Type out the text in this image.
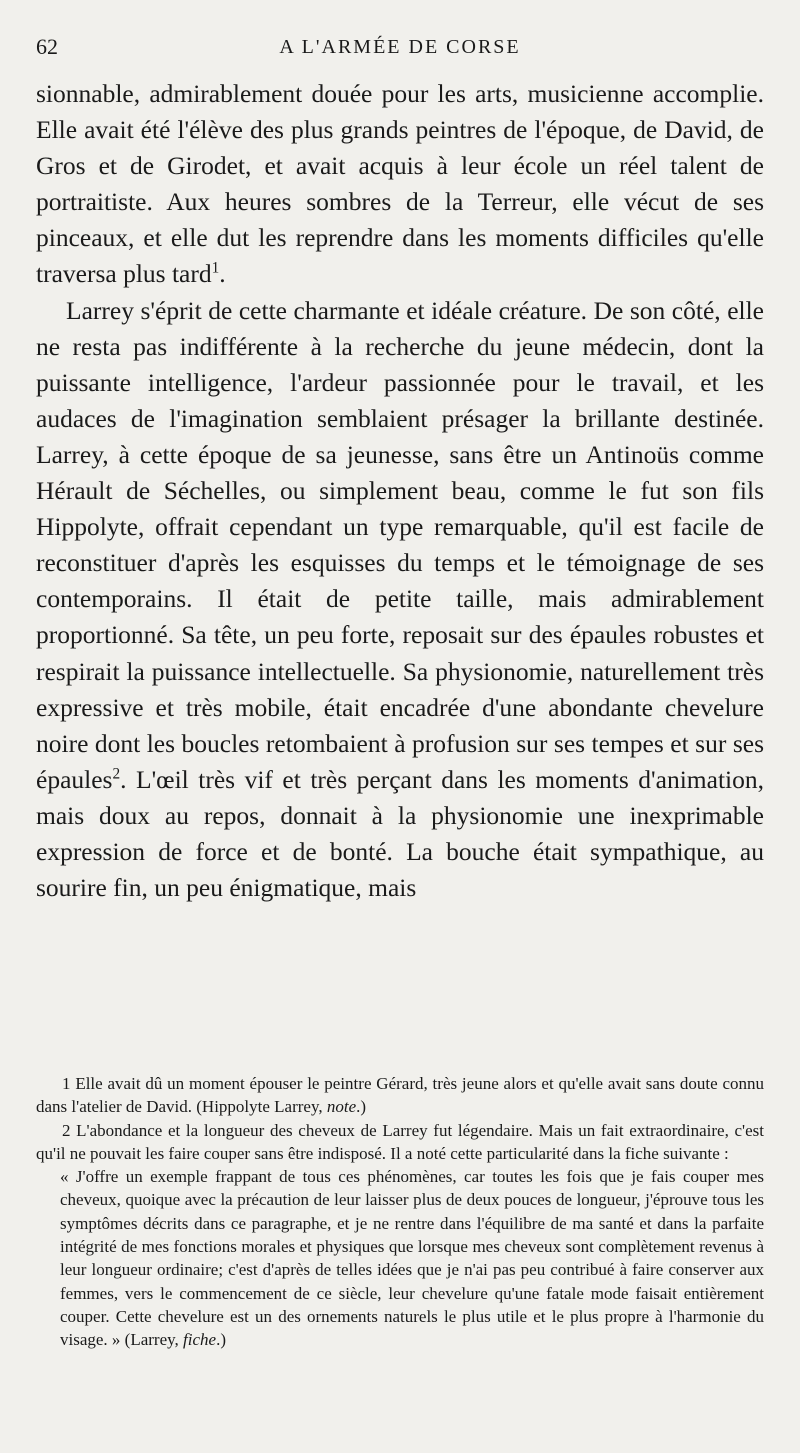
62	A L'ARMÉE DE CORSE

sionnable, admirablement douée pour les arts, musicienne accomplie. Elle avait été l'élève des plus grands peintres de l'époque, de David, de Gros et de Girodet, et avait acquis à leur école un réel talent de portraitiste. Aux heures sombres de la Terreur, elle vécut de ses pinceaux, et elle dut les reprendre dans les moments difficiles qu'elle traversa plus tard$^1$.

Larrey s'éprit de cette charmante et idéale créature. De son côté, elle ne resta pas indifférente à la recherche du jeune médecin, dont la puissante intelligence, l'ardeur passionnée pour le travail, et les audaces de l'imagination semblaient présager la brillante destinée. Larrey, à cette époque de sa jeunesse, sans être un Antinoüs comme Hérault de Séchelles, ou simplement beau, comme le fut son fils Hippolyte, offrait cependant un type remarquable, qu'il est facile de reconstituer d'après les esquisses du temps et le témoignage de ses contemporains. Il était de petite taille, mais admirablement proportionné. Sa tête, un peu forte, reposait sur des épaules robustes et respirait la puissance intellectuelle. Sa physionomie, naturellement très expressive et très mobile, était encadrée d'une abondante chevelure noire dont les boucles retombaient à profusion sur ses tempes et sur ses épaules$^2$. L'œil très vif et très perçant dans les moments d'animation, mais doux au repos, donnait à la physionomie une inexprimable expression de force et de bonté. La bouche était sympathique, au sourire fin, un peu énigmatique, mais

1 Elle avait dû un moment épouser le peintre Gérard, très jeune alors et qu'elle avait sans doute connu dans l'atelier de David. (Hippolyte Larrey, note.)

2 L'abondance et la longueur des cheveux de Larrey fut légendaire. Mais un fait extraordinaire, c'est qu'il ne pouvait les faire couper sans être indisposé. Il a noté cette particularité dans la fiche suivante :

« J'offre un exemple frappant de tous ces phénomènes, car toutes les fois que je fais couper mes cheveux, quoique avec la précaution de leur laisser plus de deux pouces de longueur, j'éprouve tous les symptômes décrits dans ce paragraphe, et je ne rentre dans l'équilibre de ma santé et dans la parfaite intégrité de mes fonctions morales et physiques que lorsque mes cheveux sont complètement revenus à leur longueur ordinaire; c'est d'après de telles idées que je n'ai pas peu contribué à faire conserver aux femmes, vers le commencement de ce siècle, leur chevelure qu'une fatale mode faisait entièrement couper. Cette chevelure est un des ornements naturels le plus utile et le plus propre à l'harmonie du visage. » (Larrey, fiche.)
